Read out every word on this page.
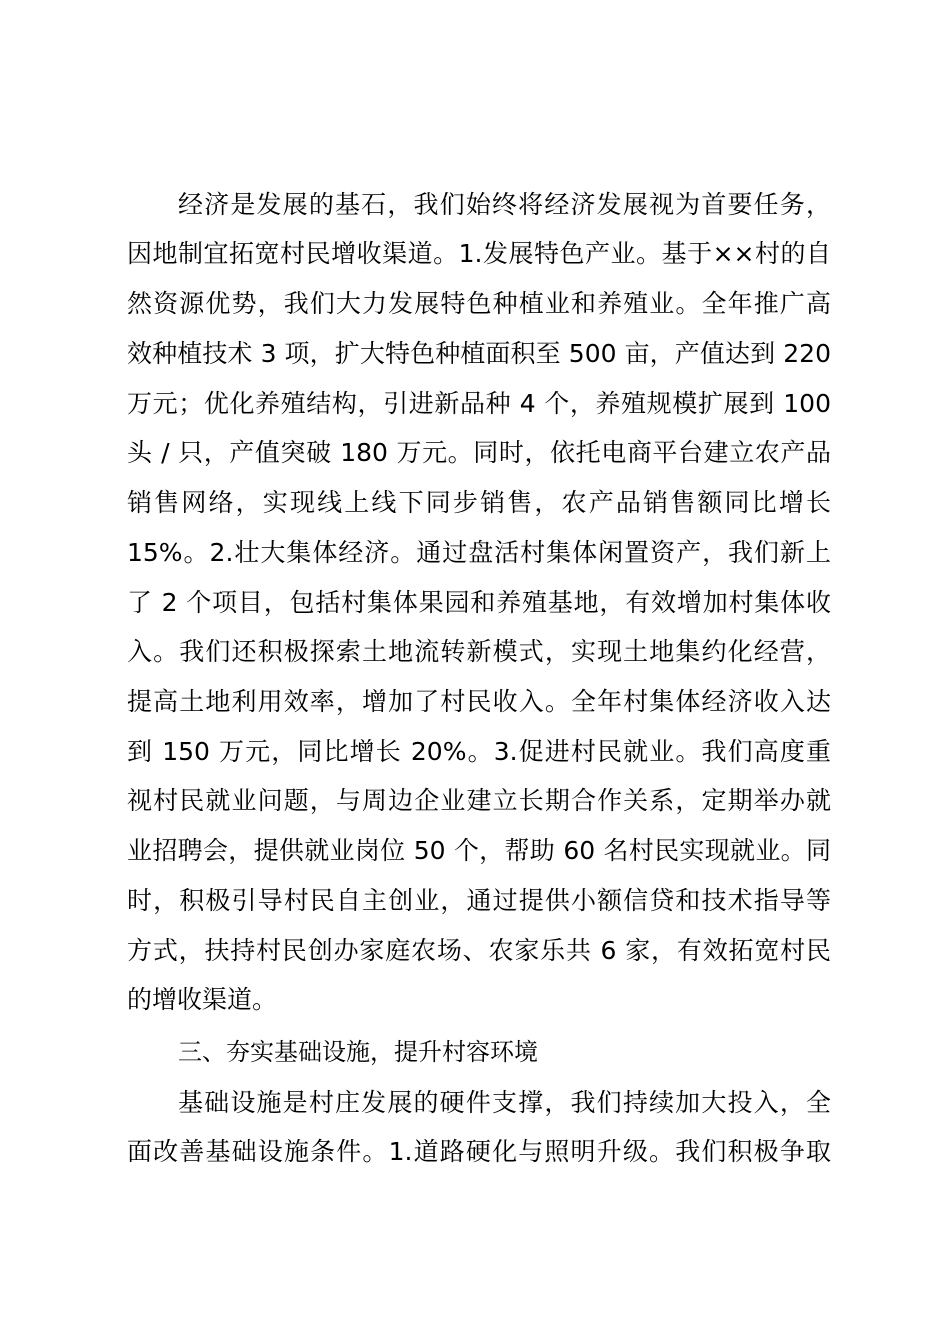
经济是发展的基石，我们始终将经济发展视为首要任务，
因地制宜拓宽村民增收渠道。1.发展特色产业。基于××村的自
然资源优势，我们大力发展特色种植业和养殖业。全年推广高
效种植技术 3 项，扩大特色种植面积至 500 亩，产值达到 220
万元；优化养殖结构，引进新品种 4 个，养殖规模扩展到 100
头 / 只，产值突破 180 万元。同时，依托电商平台建立农产品
销售网络，实现线上线下同步销售，农产品销售额同比增长
15%。2.壮大集体经济。通过盘活村集体闲置资产，我们新上
了 2 个项目，包括村集体果园和养殖基地，有效增加村集体收
入。我们还积极探索土地流转新模式，实现土地集约化经营，
提高土地利用效率，增加了村民收入。全年村集体经济收入达
到 150 万元，同比增长 20%。3.促进村民就业。我们高度重
视村民就业问题，与周边企业建立长期合作关系，定期举办就
业招聘会，提供就业岗位 50 个，帮助 60 名村民实现就业。同
时，积极引导村民自主创业，通过提供小额信贷和技术指导等
方式，扶持村民创办家庭农场、农家乐共 6 家，有效拓宽村民
的增收渠道。
三、夯实基础设施，提升村容环境
基础设施是村庄发展的硬件支撑，我们持续加大投入，全
面改善基础设施条件。1.道路硬化与照明升级。我们积极争取
